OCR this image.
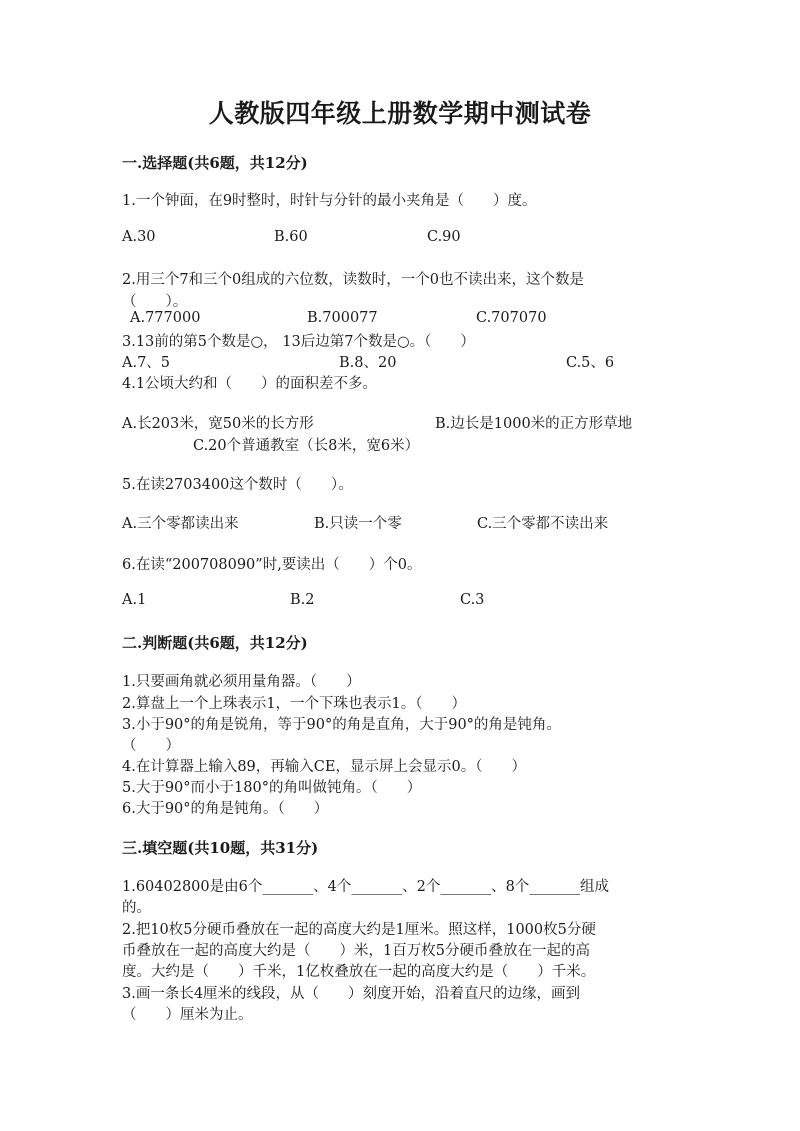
人教版四年级上册数学期中测试卷
一.选择题(共6题，共12分)
1.一个钟面，在9时整时，时针与分针的最小夹角是（　　）度。
A.30	B.60	C.90
2.用三个7和三个0组成的六位数，读数时，一个0也不读出来，这个数是
（　　）。
A.777000	B.700077	C.707070
3.13前的第5个数是○， 13后边第7个数是○。（　　）
A.7、5	B.8、20	C.5、6
4.1公顷大约和（　　）的面积差不多。
A.长203米，宽50米的长方形	B.边长是1000米的正方形草地
C.20个普通教室（长8米，宽6米）
5.在读2703400这个数时（　　）。
A.三个零都读出来	B.只读一个零	C.三个零都不读出来
6.在读“200708090”时,要读出（　　）个0。
A.1	B.2	C.3
二.判断题(共6题，共12分)
1.只要画角就必须用量角器。（　　）
2.算盘上一个上珠表示1，一个下珠也表示1。（　　）
3.小于90°的角是锐角，等于90°的角是直角，大于90°的角是钝角。
（　　）
4.在计算器上输入89，再输入CE，显示屏上会显示0。（　　）
5.大于90°而小于180°的角叫做钝角。（　　）
6.大于90°的角是钝角。（　　）
三.填空题(共10题，共31分)
1.60402800是由6个_______、4个_______、2个_______、8个_______组成
的。
2.把10枚5分硬币叠放在一起的高度大约是1厘米。照这样，1000枚5分硬
币叠放在一起的高度大约是（　　）米，1百万枚5分硬币叠放在一起的高
度。大约是（　　）千米，1亿枚叠放在一起的高度大约是（　　）千米。
3.画一条长4厘米的线段，从（　　）刻度开始，沿着直尺的边缘，画到
（　　）厘米为止。
